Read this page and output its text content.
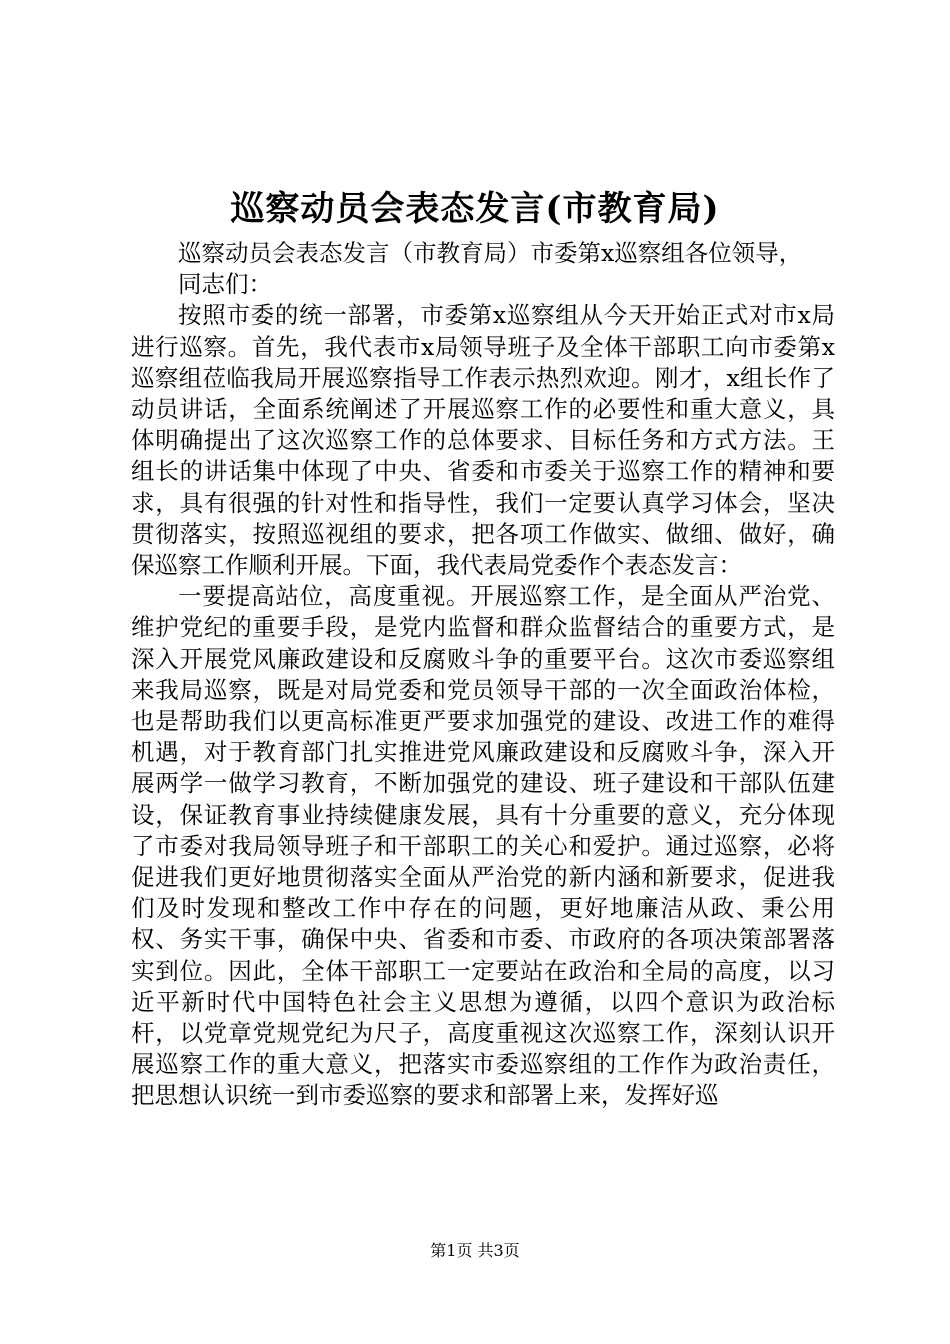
巡察动员会表态发言(市教育局)

巡察动员会表态发言（市教育局）市委第x巡察组各位领导，

同志们：

按照市委的统一部署，市委第x巡察组从今天开始正式对市x局进行巡察。首先，我代表市x局领导班子及全体干部职工向市委第x巡察组莅临我局开展巡察指导工作表示热烈欢迎。刚才，x组长作了动员讲话，全面系统阐述了开展巡察工作的必要性和重大意义，具体明确提出了这次巡察工作的总体要求、目标任务和方式方法。王组长的讲话集中体现了中央、省委和市委关于巡察工作的精神和要求，具有很强的针对性和指导性，我们一定要认真学习体会，坚决贯彻落实，按照巡视组的要求，把各项工作做实、做细、做好，确保巡察工作顺利开展。下面，我代表局党委作个表态发言：

一要提高站位，高度重视。开展巡察工作，是全面从严治党、维护党纪的重要手段，是党内监督和群众监督结合的重要方式，是深入开展党风廉政建设和反腐败斗争的重要平台。这次市委巡察组来我局巡察，既是对局党委和党员领导干部的一次全面政治体检，也是帮助我们以更高标准更严要求加强党的建设、改进工作的难得机遇，对于教育部门扎实推进党风廉政建设和反腐败斗争，深入开展两学一做学习教育，不断加强党的建设、班子建设和干部队伍建设，保证教育事业持续健康发展，具有十分重要的意义，充分体现了市委对我局领导班子和干部职工的关心和爱护。通过巡察，必将促进我们更好地贯彻落实全面从严治党的新内涵和新要求，促进我们及时发现和整改工作中存在的问题，更好地廉洁从政、秉公用权、务实干事，确保中央、省委和市委、市政府的各项决策部署落实到位。因此，全体干部职工一定要站在政治和全局的高度，以习近平新时代中国特色社会主义思想为遵循，以四个意识为政治标杆，以党章党规党纪为尺子，高度重视这次巡察工作，深刻认识开展巡察工作的重大意义，把落实市委巡察组的工作作为政治责任，把思想认识统一到市委巡察的要求和部署上来，发挥好巡

第1页 共3页
